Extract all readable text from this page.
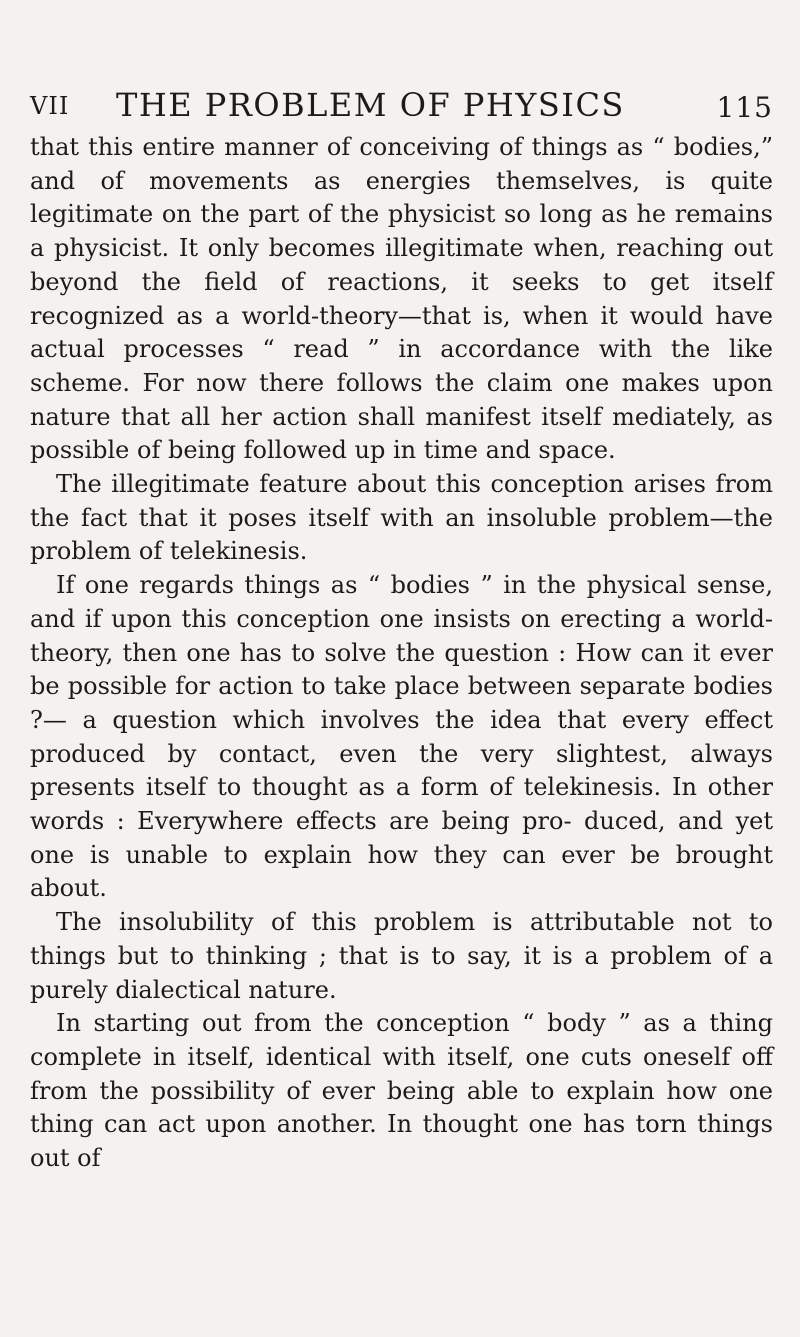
VII THE PROBLEM OF PHYSICS	115

that this entire manner of conceiving of things as “ bodies,” and of movements as energies themselves, is quite legitimate on the part of the physicist so long as he remains a physicist. It only becomes illegitimate when, reaching out beyond the field of reactions, it seeks to get itself recognized as a world-theory—that is, when it would have actual processes “ read ” in accordance with the like scheme. For now there follows the claim one makes upon nature that all her action shall manifest itself mediately, as possible of being followed up in time and space.

The illegitimate feature about this conception arises from the fact that it poses itself with an insoluble problem—the problem of telekinesis.

If one regards things as “ bodies ” in the physical sense, and if upon this conception one insists on erecting a world-theory, then one has to solve the question : How can it ever be possible for action to take place between separate bodies ?— a question which involves the idea that every effect produced by contact, even the very slightest, always presents itself to thought as a form of telekinesis. In other words : Everywhere effects are being pro- duced, and yet one is unable to explain how they can ever be brought about.

The insolubility of this problem is attributable not to things but to thinking ; that is to say, it is a problem of a purely dialectical nature.

In starting out from the conception “ body ” as a thing complete in itself, identical with itself, one cuts oneself off from the possibility of ever being able to explain how one thing can act upon another. In thought one has torn things out of
